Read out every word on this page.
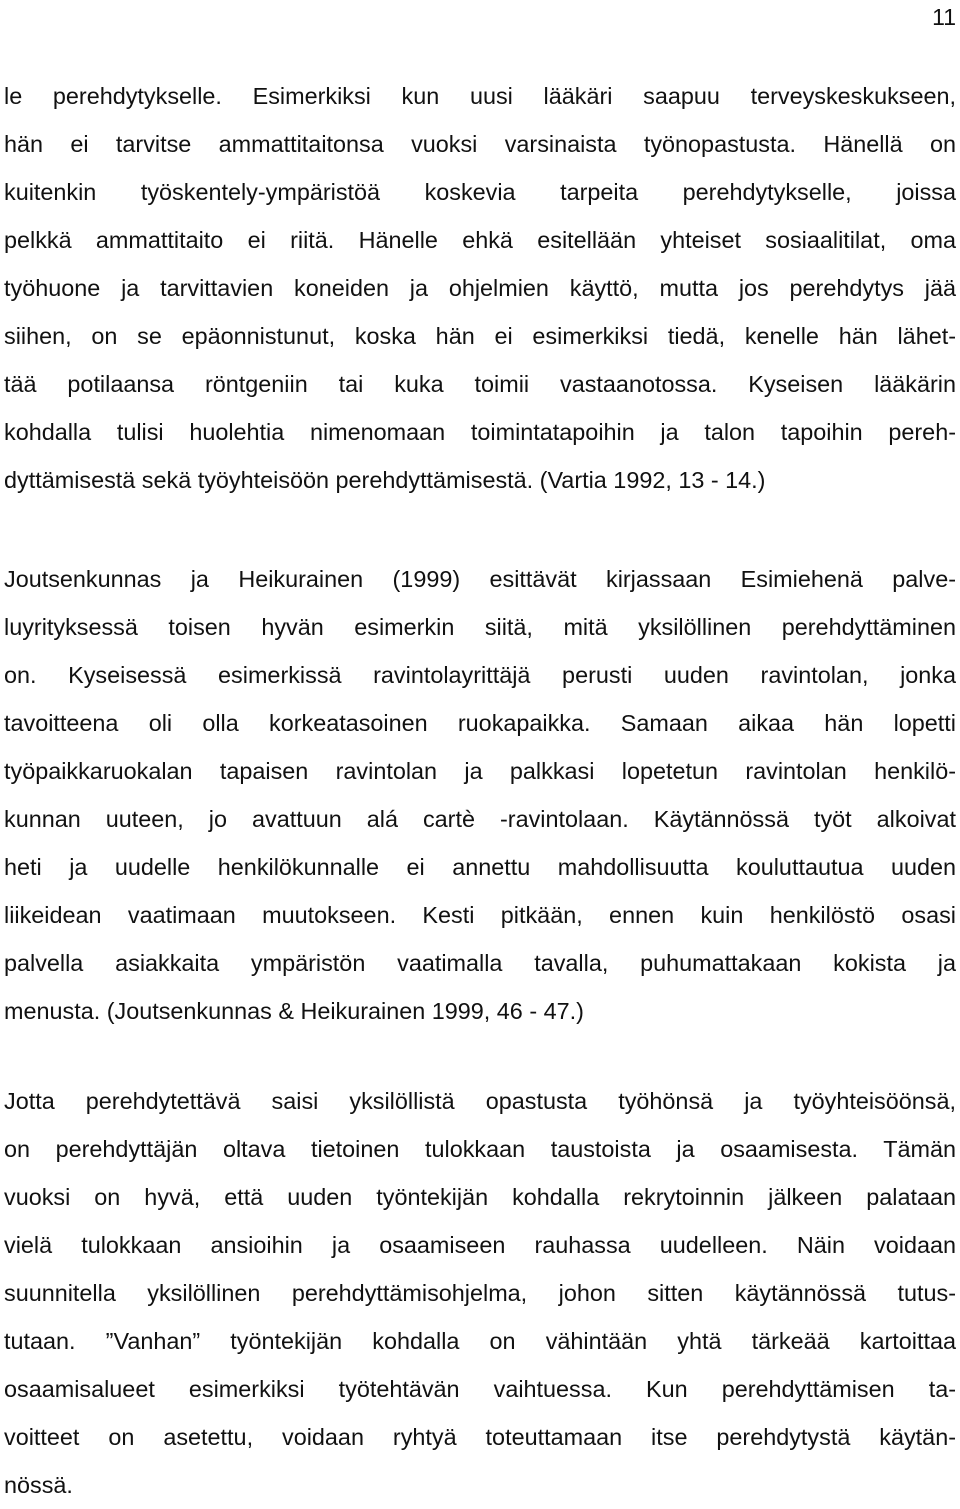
11
le perehdytykselle. Esimerkiksi kun uusi lääkäri saapuu terveyskeskukseen,
hän ei tarvitse ammattitaitonsa vuoksi varsinaista työnopastusta. Hänellä on
kuitenkin työskentely-ympäristöä koskevia tarpeita perehdytykselle, joissa
pelkkä ammattitaito ei riitä. Hänelle ehkä esitellään yhteiset sosiaalitilat, oma
työhuone ja tarvittavien koneiden ja ohjelmien käyttö, mutta jos perehdytys jää
siihen, on se epäonnistunut, koska hän ei esimerkiksi tiedä, kenelle hän lähet-
tää potilaansa röntgeniin tai kuka toimii vastaanotossa. Kyseisen lääkärin
kohdalla tulisi huolehtia nimenomaan toimintatapoihin ja talon tapoihin pereh-
dyttämisestä sekä työyhteisöön perehdyttämisestä. (Vartia 1992, 13 - 14.)
Joutsenkunnas ja Heikurainen (1999) esittävät kirjassaan Esimiehenä palve-
luyrityksessä toisen hyvän esimerkin siitä, mitä yksilöllinen perehdyttäminen
on. Kyseisessä esimerkissä ravintolayrittäjä perusti uuden ravintolan, jonka
tavoitteena oli olla korkeatasoinen ruokapaikka. Samaan aikaa hän lopetti
työpaikkaruokalan tapaisen ravintolan ja palkkasi lopetetun ravintolan henkilö-
kunnan uuteen, jo avattuun alá cartè -ravintolaan. Käytännössä työt alkoivat
heti ja uudelle henkilökunnalle ei annettu mahdollisuutta kouluttautua uuden
liikeidean vaatimaan muutokseen. Kesti pitkään, ennen kuin henkilöstö osasi
palvella asiakkaita ympäristön vaatimalla tavalla, puhumattakaan kokista ja
menusta. (Joutsenkunnas & Heikurainen 1999, 46 - 47.)
Jotta perehdytettävä saisi yksilöllistä opastusta työhönsä ja työyhteisöönsä,
on perehdyttäjän oltava tietoinen tulokkaan taustoista ja osaamisesta. Tämän
vuoksi on hyvä, että uuden työntekijän kohdalla rekrytoinnin jälkeen palataan
vielä tulokkaan ansioihin ja osaamiseen rauhassa uudelleen. Näin voidaan
suunnitella yksilöllinen perehdyttämisohjelma, johon sitten käytännössä tutus-
tutaan. ”Vanhan” työntekijän kohdalla on vähintään yhtä tärkeää kartoittaa
osaamisalueet esimerkiksi työtehtävän vaihtuessa. Kun perehdyttämisen ta-
voitteet on asetettu, voidaan ryhtyä toteuttamaan itse perehdytystä käytän-
nössä.
